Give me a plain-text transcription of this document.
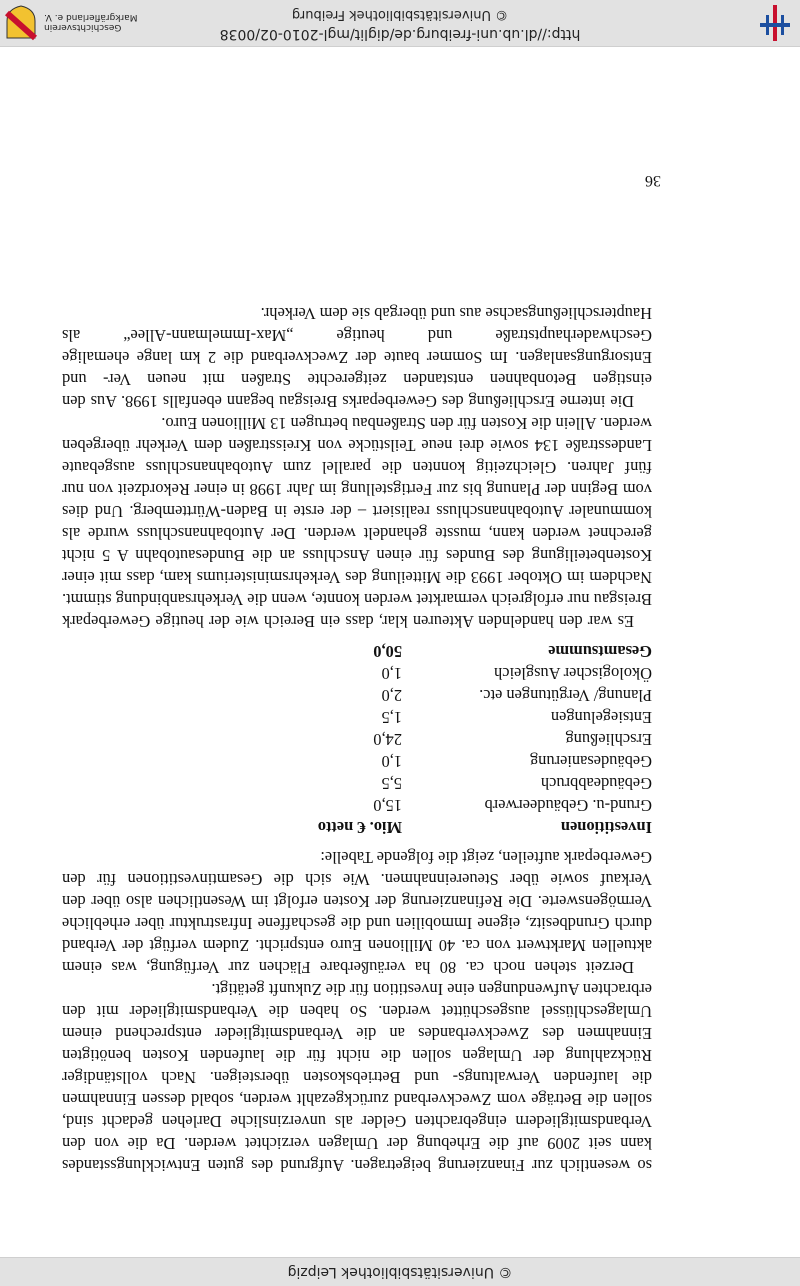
© Universitätsbibliothek Leipzig

so wesentlich zur Finanzierung beigetragen. Aufgrund des guten Entwicklungsstandes kann seit 2009 auf die Erhebung der Umlagen verzichtet werden. Da die von den Verbandsmitgliedern eingebrachten Gelder als unverzinsliche Darlehen gedacht sind, sollen die Beträge vom Zweckverband zurückgezahlt werden, sobald dessen Einnahmen die laufenden Verwaltungs- und Betriebskosten übersteigen. Nach vollständiger Rückzahlung der Umlagen sollen die nicht für die laufenden Kosten benötigten Einnahmen des Zweckverbandes an die Verbandsmitglieder entsprechend einem Umlageschlüssel ausgeschüttet werden. So haben die Verbandsmitglieder mit den erbrachten Aufwendungen eine Investition für die Zukunft getätigt.

Derzeit stehen noch ca. 80 ha veräußerbare Flächen zur Verfügung, was einem aktuellen Marktwert von ca. 40 Millionen Euro entspricht. Zudem verfügt der Verband durch Grundbesitz, eigene Immobilien und die geschaffene Infrastruktur über erhebliche Vermögenswerte. Die Refinanzierung der Kosten erfolgt im Wesentlichen also über den Verkauf sowie über Steuereinnahmen. Wie sich die Gesamtinvestitionen für den Gewerbepark aufteilen, zeigt die folgende Tabelle:

Investitionen	Mio. € netto
Grund-u. Gebäudeerwerb	15,0
Gebäudeabbruch	5,5
Gebäudesanierung	1,0
Erschließung	24,0
Entsiegelungen	1,5
Planung/ Vergütungen etc.	2,0
Ökologischer Ausgleich	1,0
Gesamtsumme	50,0

Es war den handelnden Akteuren klar, dass ein Bereich wie der heutige Gewerbepark Breisgau nur erfolgreich vermarktet werden konnte, wenn die Verkehrsanbindung stimmt. Nachdem im Oktober 1993 die Mitteilung des Verkehrsministeriums kam, dass mit einer Kostenbeteiligung des Bundes für einen Anschluss an die Bundesautobahn A 5 nicht gerechnet werden kann, musste gehandelt werden. Der Autobahnanschluss wurde als kommunaler Autobahnanschluss realisiert – der erste in Baden-Württemberg. Und dies vom Beginn der Planung bis zur Fertigstellung im Jahr 1998 in einer Rekordzeit von nur fünf Jahren. Gleichzeitig konnten die parallel zum Autobahnanschluss ausgebaute Landesstraße 134 sowie drei neue Teilstücke von Kreisstraßen dem Verkehr übergeben werden. Allein die Kosten für den Straßenbau betrugen 13 Millionen Euro.

Die interne Erschließung des Gewerbeparks Breisgau begann ebenfalls 1998. Aus den einstigen Betonbahnen entstanden zeitgerechte Straßen mit neuen Ver- und Entsorgungsanlagen. Im Sommer baute der Zweckverband die 2 km lange ehemalige Geschwaderhauptstraße und heutige „Max-Immelmann-Allee“ als Haupterschließungsachse aus und übergab sie dem Verkehr.

36
http://dl.ub.uni-freiburg.de/diglit/mgl-2010-02/0038
© Universitätsbibliothek Freiburg
Geschichtsverein
Markgräflerland e. V.
